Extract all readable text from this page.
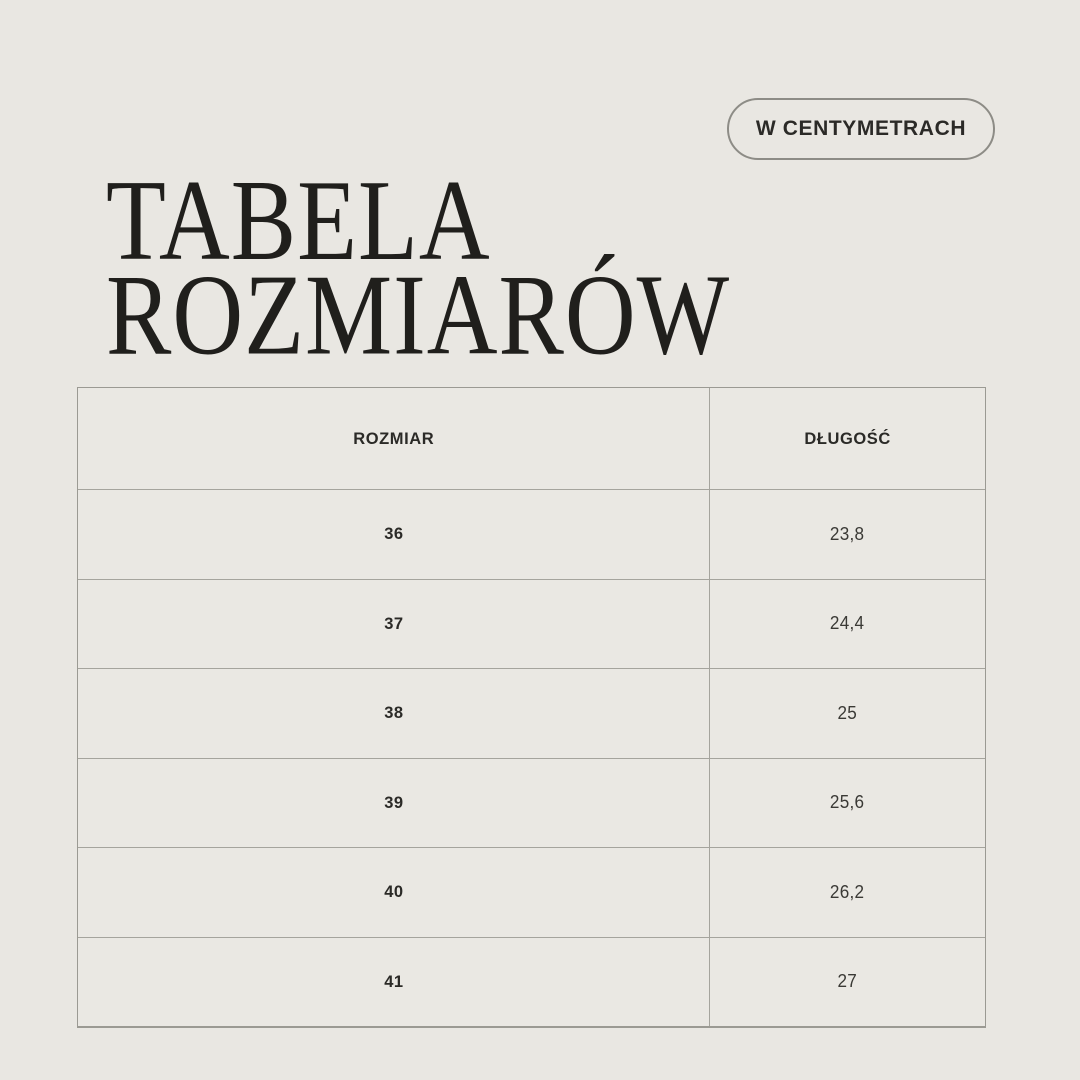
W CENTYMETRACH
TABELA
ROZMIARÓW
ROZMIAR	DŁUGOŚĆ
36	23,8
37	24,4
38	25
39	25,6
40	26,2
41	27
